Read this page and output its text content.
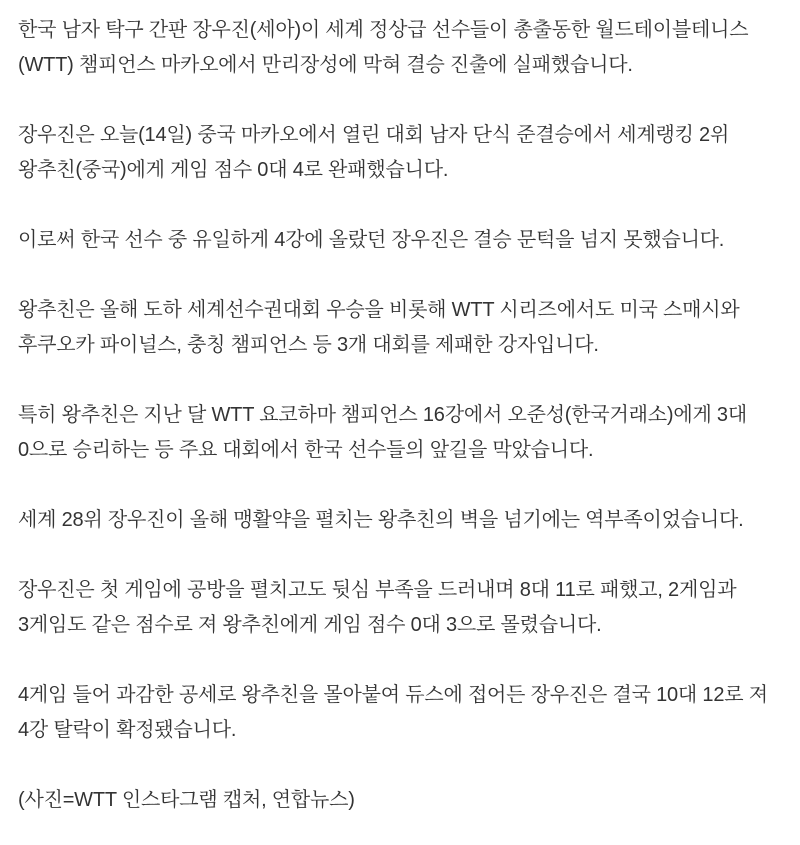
한국 남자 탁구 간판 장우진(세아)이 세계 정상급 선수들이 총출동한 월드테이블테니스(WTT) 챔피언스 마카오에서 만리장성에 막혀 결승 진출에 실패했습니다.

장우진은 오늘(14일) 중국 마카오에서 열린 대회 남자 단식 준결승에서 세계랭킹 2위 왕추친(중국)에게 게임 점수 0대 4로 완패했습니다.

이로써 한국 선수 중 유일하게 4강에 올랐던 장우진은 결승 문턱을 넘지 못했습니다.

왕추친은 올해 도하 세계선수권대회 우승을 비롯해 WTT 시리즈에서도 미국 스매시와 후쿠오카 파이널스, 충칭 챔피언스 등 3개 대회를 제패한 강자입니다.

특히 왕추친은 지난 달 WTT 요코하마 챔피언스 16강에서 오준성(한국거래소)에게 3대 0으로 승리하는 등 주요 대회에서 한국 선수들의 앞길을 막았습니다.

세계 28위 장우진이 올해 맹활약을 펼치는 왕추친의 벽을 넘기에는 역부족이었습니다.

장우진은 첫 게임에 공방을 펼치고도 뒷심 부족을 드러내며 8대 11로 패했고, 2게임과 3게임도 같은 점수로 져 왕추친에게 게임 점수 0대 3으로 몰렸습니다.

4게임 들어 과감한 공세로 왕추친을 몰아붙여 듀스에 접어든 장우진은 결국 10대 12로 져 4강 탈락이 확정됐습니다.

(사진=WTT 인스타그램 캡처, 연합뉴스)
